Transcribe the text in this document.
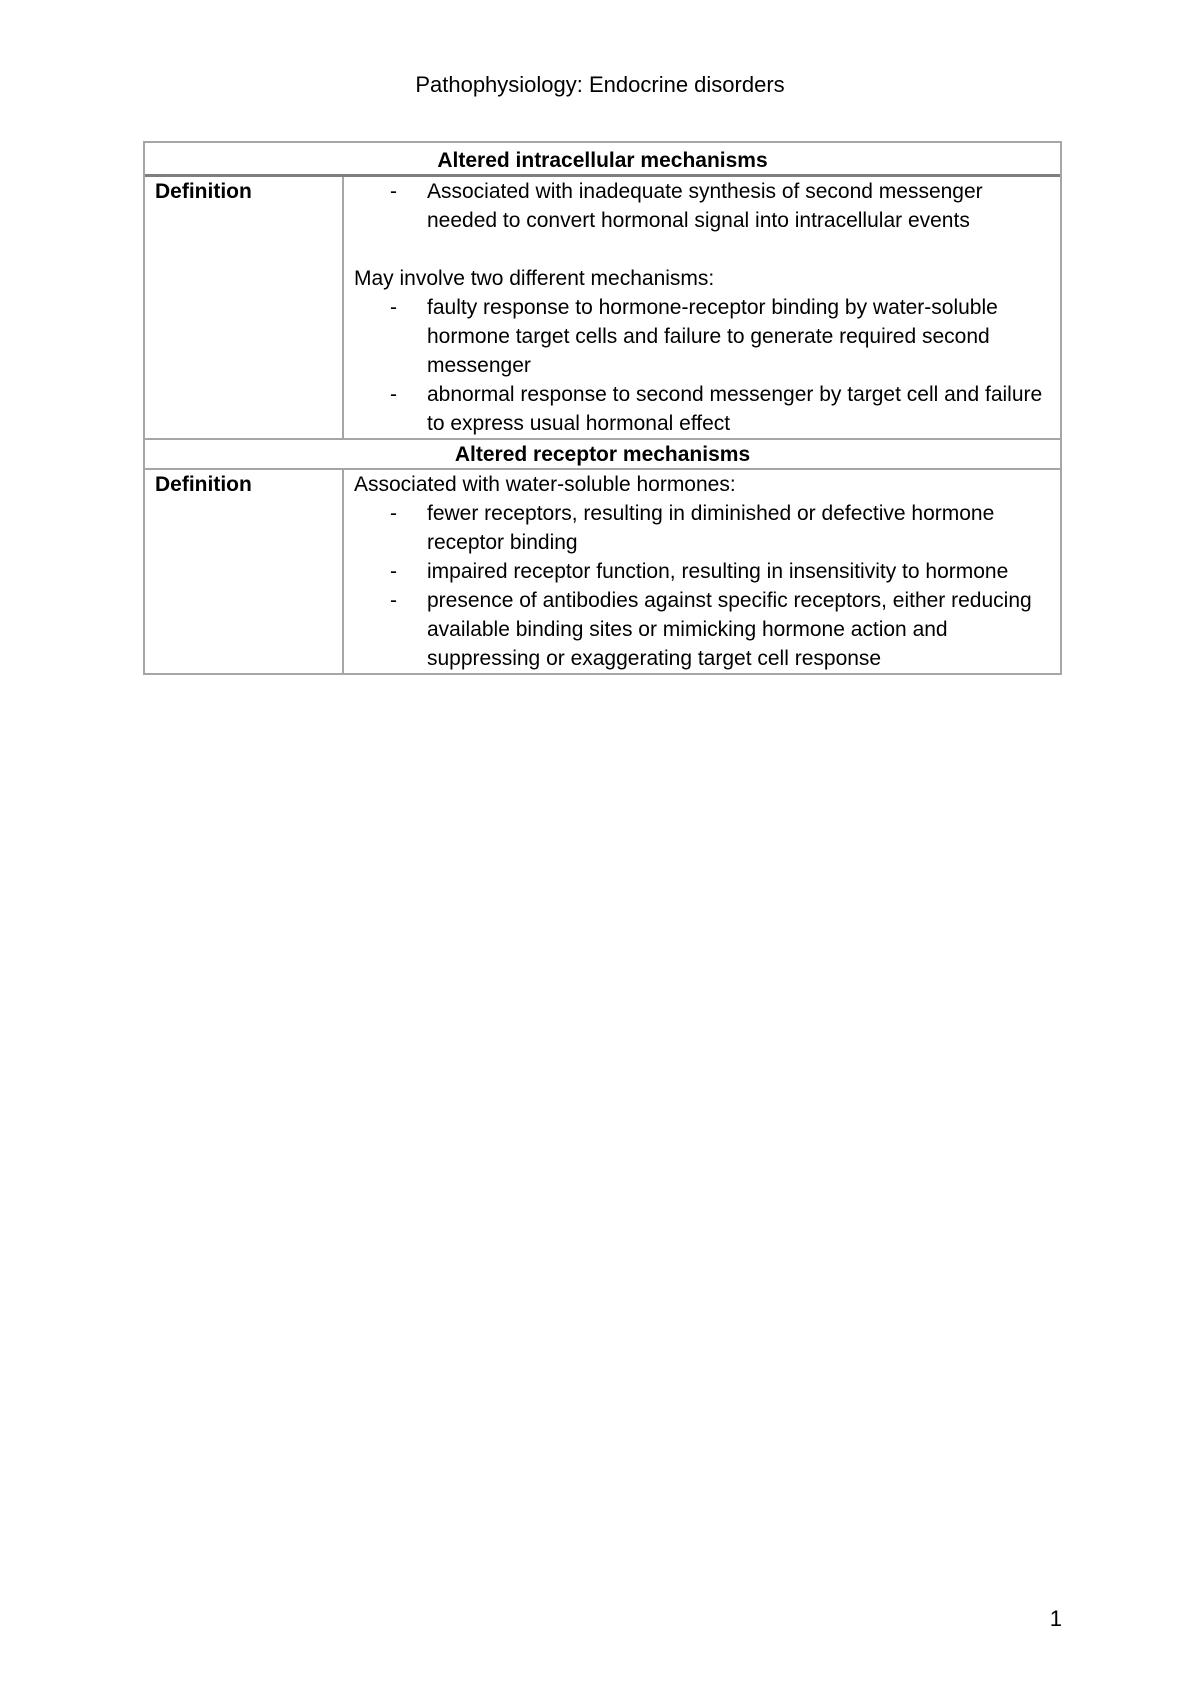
Pathophysiology: Endocrine disorders
Altered intracellular mechanisms
Definition	-	Associated with inadequate synthesis of second messenger needed to convert hormonal signal into intracellular events
May involve two different mechanisms:
-	faulty response to hormone-receptor binding by water-soluble hormone target cells and failure to generate required second messenger
-	abnormal response to second messenger by target cell and failure to express usual hormonal effect
Altered receptor mechanisms
Definition	Associated with water-soluble hormones:
-	fewer receptors, resulting in diminished or defective hormone receptor binding
-	impaired receptor function, resulting in insensitivity to hormone
-	presence of antibodies against specific receptors, either reducing available binding sites or mimicking hormone action and suppressing or exaggerating target cell response
1
